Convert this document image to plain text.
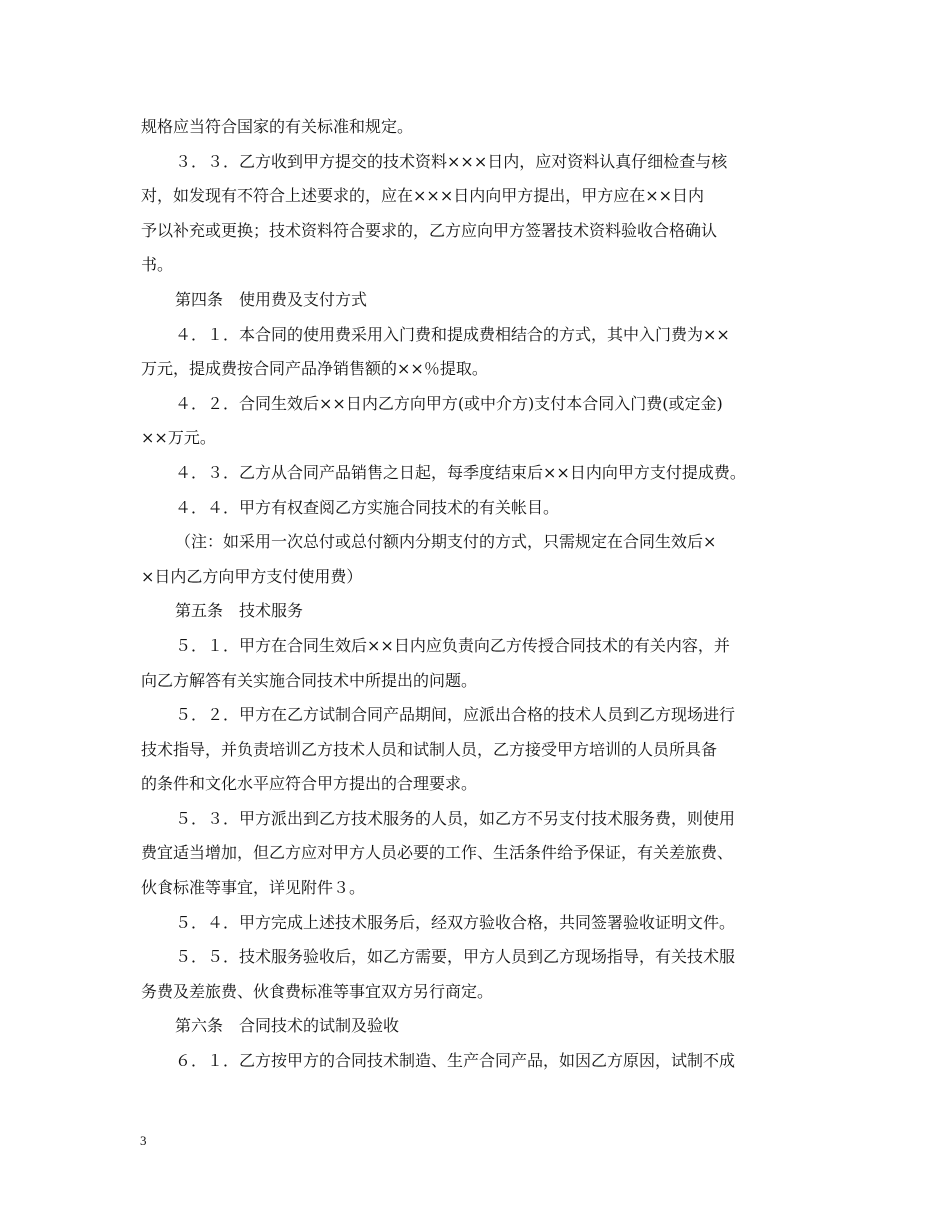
规格应当符合国家的有关标准和规定。
３．３．乙方收到甲方提交的技术资料×××日内，应对资料认真仔细检查与核
对，如发现有不符合上述要求的，应在×××日内向甲方提出，甲方应在××日内
予以补充或更换；技术资料符合要求的，乙方应向甲方签署技术资料验收合格确认
书。
第四条　使用费及支付方式
４．１．本合同的使用费采用入门费和提成费相结合的方式，其中入门费为××
万元，提成费按合同产品净销售额的××％提取。
４．２．合同生效后××日内乙方向甲方(或中介方)支付本合同入门费(或定金)
××万元。
４．３．乙方从合同产品销售之日起，每季度结束后××日内向甲方支付提成费。
４．４．甲方有权查阅乙方实施合同技术的有关帐目。
（注：如采用一次总付或总付额内分期支付的方式，只需规定在合同生效后×
×日内乙方向甲方支付使用费）
第五条　技术服务
５．１．甲方在合同生效后××日内应负责向乙方传授合同技术的有关内容，并
向乙方解答有关实施合同技术中所提出的问题。
５．２．甲方在乙方试制合同产品期间，应派出合格的技术人员到乙方现场进行
技术指导，并负责培训乙方技术人员和试制人员，乙方接受甲方培训的人员所具备
的条件和文化水平应符合甲方提出的合理要求。
５．３．甲方派出到乙方技术服务的人员，如乙方不另支付技术服务费，则使用
费宜适当增加，但乙方应对甲方人员必要的工作、生活条件给予保证，有关差旅费、
伙食标准等事宜，详见附件３。
５．４．甲方完成上述技术服务后，经双方验收合格，共同签署验收证明文件。
５．５．技术服务验收后，如乙方需要，甲方人员到乙方现场指导，有关技术服
务费及差旅费、伙食费标准等事宜双方另行商定。
第六条　合同技术的试制及验收
６．１．乙方按甲方的合同技术制造、生产合同产品，如因乙方原因，试制不成
3
